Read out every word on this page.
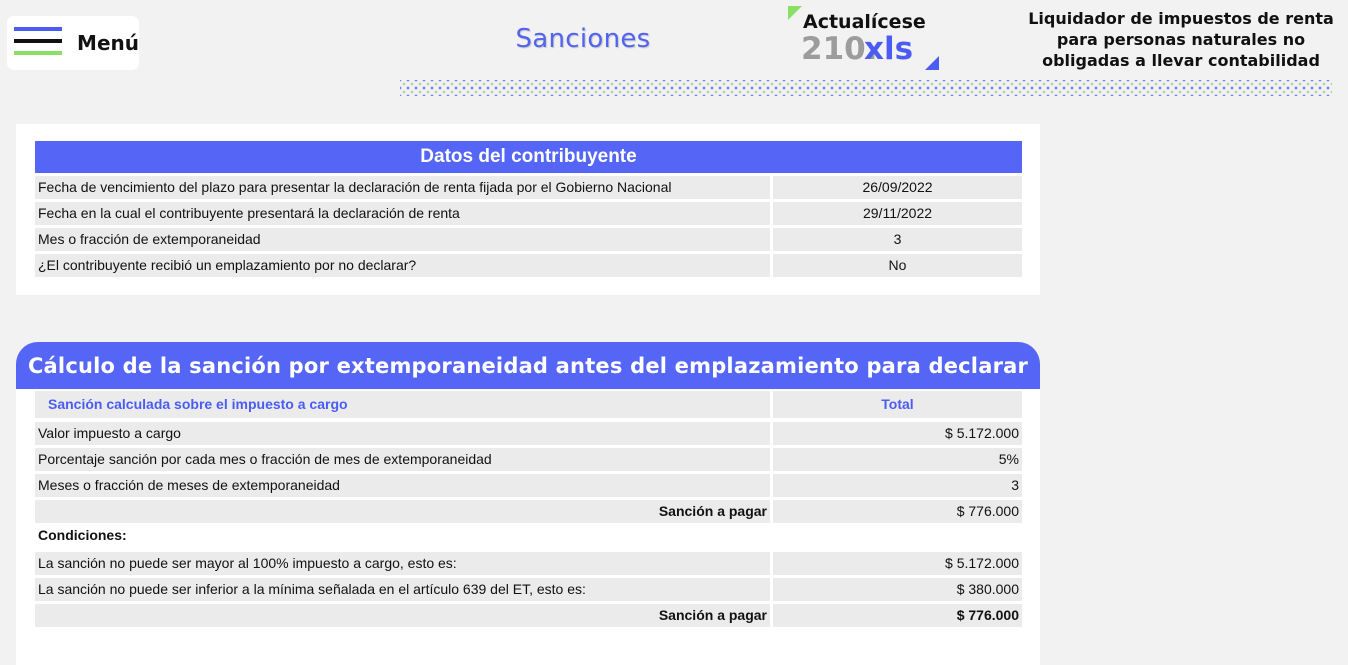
Menú	Sanciones
Actualícese
210.
xls
Liquidador de impuestos de renta
para personas naturales no
obligadas a llevar contabilidad
Datos del contribuyente
Fecha de vencimiento del plazo para presentar la declaración de renta fijada por el Gobierno Nacional	26/09/2022
Fecha en la cual el contribuyente presentará la declaración de renta	29/11/2022
Mes o fracción de extemporaneidad	3
¿El contribuyente recibió un emplazamiento por no declarar?	No
Cálculo de la sanción por extemporaneidad antes del emplazamiento para declarar
Sanción calculada sobre el impuesto a cargo	Total
Valor impuesto a cargo	$ 5.172.000
Porcentaje sanción por cada mes o fracción de mes de extemporaneidad	5%
Meses o fracción de meses de extemporaneidad	3
Sanción a pagar	$ 776.000
Condiciones:
La sanción no puede ser mayor al 100% impuesto a cargo, esto es:	$ 5.172.000
La sanción no puede ser inferior a la mínima señalada en el artículo 639 del ET, esto es:	$ 380.000
Sanción a pagar	$ 776.000
